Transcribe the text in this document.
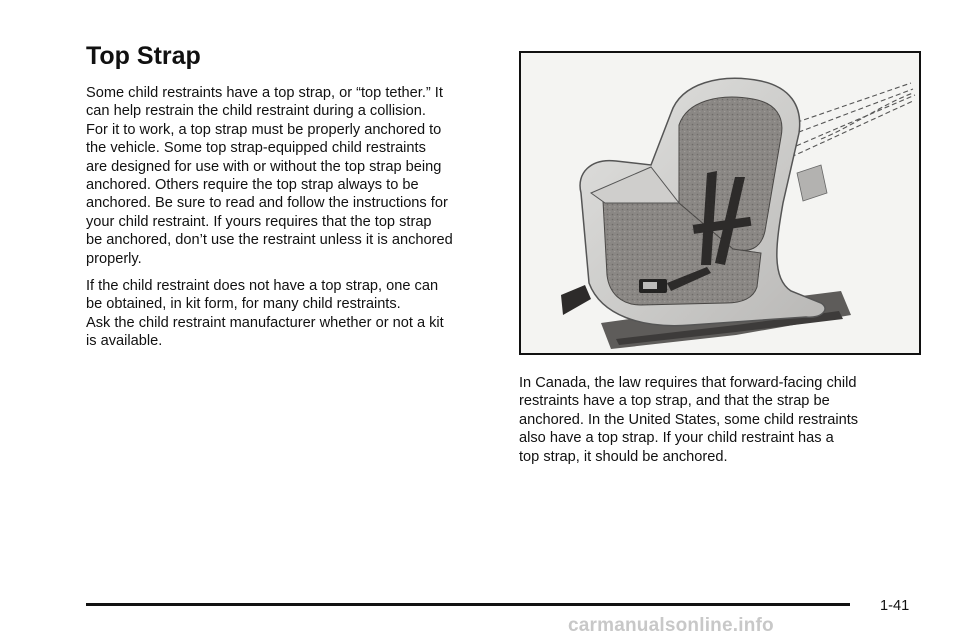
Top Strap

Some child restraints have a top strap, or “top tether.” It
can help restrain the child restraint during a collision.
For it to work, a top strap must be properly anchored to
the vehicle. Some top strap-equipped child restraints
are designed for use with or without the top strap being
anchored. Others require the top strap always to be
anchored. Be sure to read and follow the instructions for
your child restraint. If yours requires that the top strap
be anchored, don’t use the restraint unless it is anchored
properly.

If the child restraint does not have a top strap, one can
be obtained, in kit form, for many child restraints.
Ask the child restraint manufacturer whether or not a kit
is available.

In Canada, the law requires that forward-facing child
restraints have a top strap, and that the strap be
anchored. In the United States, some child restraints
also have a top strap. If your child restraint has a
top strap, it should be anchored.

1-41
carmanualsonline.info
